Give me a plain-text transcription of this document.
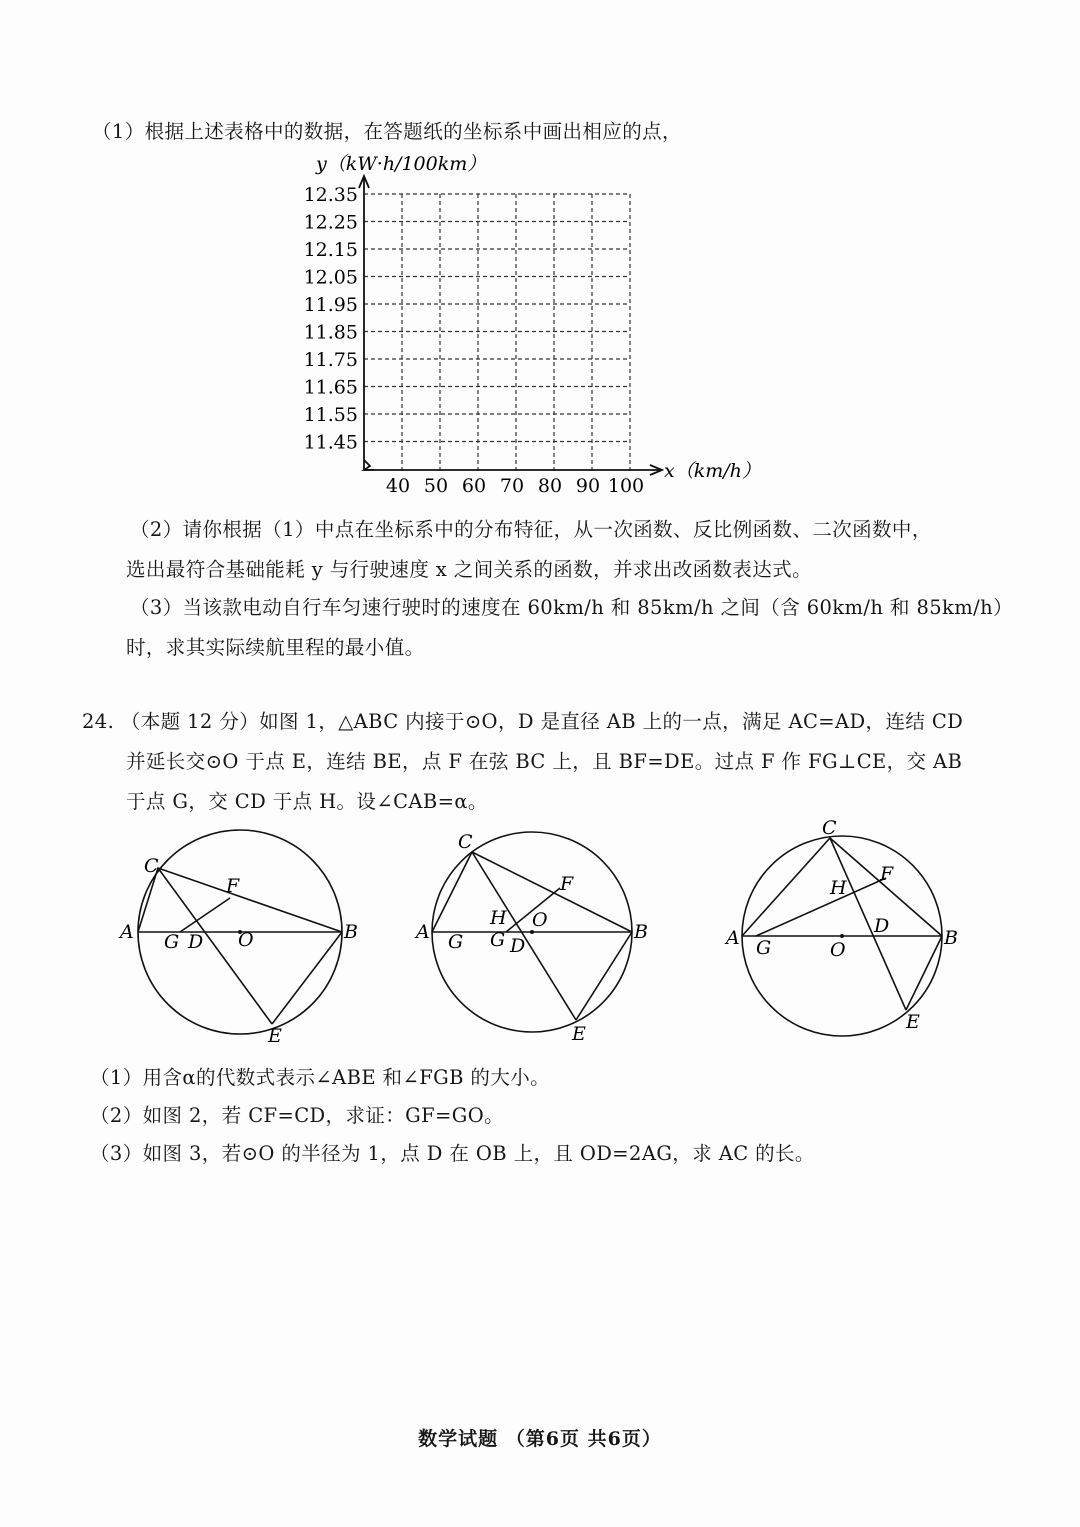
（1）根据上述表格中的数据，在答题纸的坐标系中画出相应的点，
y（kW·h/100km）
12.35
12.25
12.15
12.05
11.95
11.85
11.75
11.65
11.55
11.45
40 50 60 70 80 90 100
x（km/h）
（2）请你根据（1）中点在坐标系中的分布特征，从一次函数、反比例函数、二次函数中，
选出最符合基础能耗 y 与行驶速度 x 之间关系的函数，并求出改函数表达式。
（3）当该款电动自行车匀速行驶时的速度在 60km/h 和 85km/h 之间（含 60km/h 和 85km/h）
时，求其实际续航里程的最小值。
24. （本题 12 分）如图 1，△ABC 内接于⊙O，D 是直径 AB 上的一点，满足 AC=AD，连结 CD
并延长交⊙O 于点 E，连结 BE，点 F 在弦 BC 上，且 BF=DE。过点 F 作 FG⊥CE，交 AB
于点 G，交 CD 于点 H。设∠CAB=α。
C
F
A G D O	B
E
C
F
H O
A G G D
B
E
C
H
F
D
A G	O
B
E
（1）用含α的代数式表示∠ABE 和∠FGB 的大小。
（2）如图 2，若 CF=CD，求证：GF=GO。
（3）如图 3，若⊙O 的半径为 1，点 D 在 OB 上，且 OD=2AG，求 AC 的长。
数学试题 （第6页 共6页）
